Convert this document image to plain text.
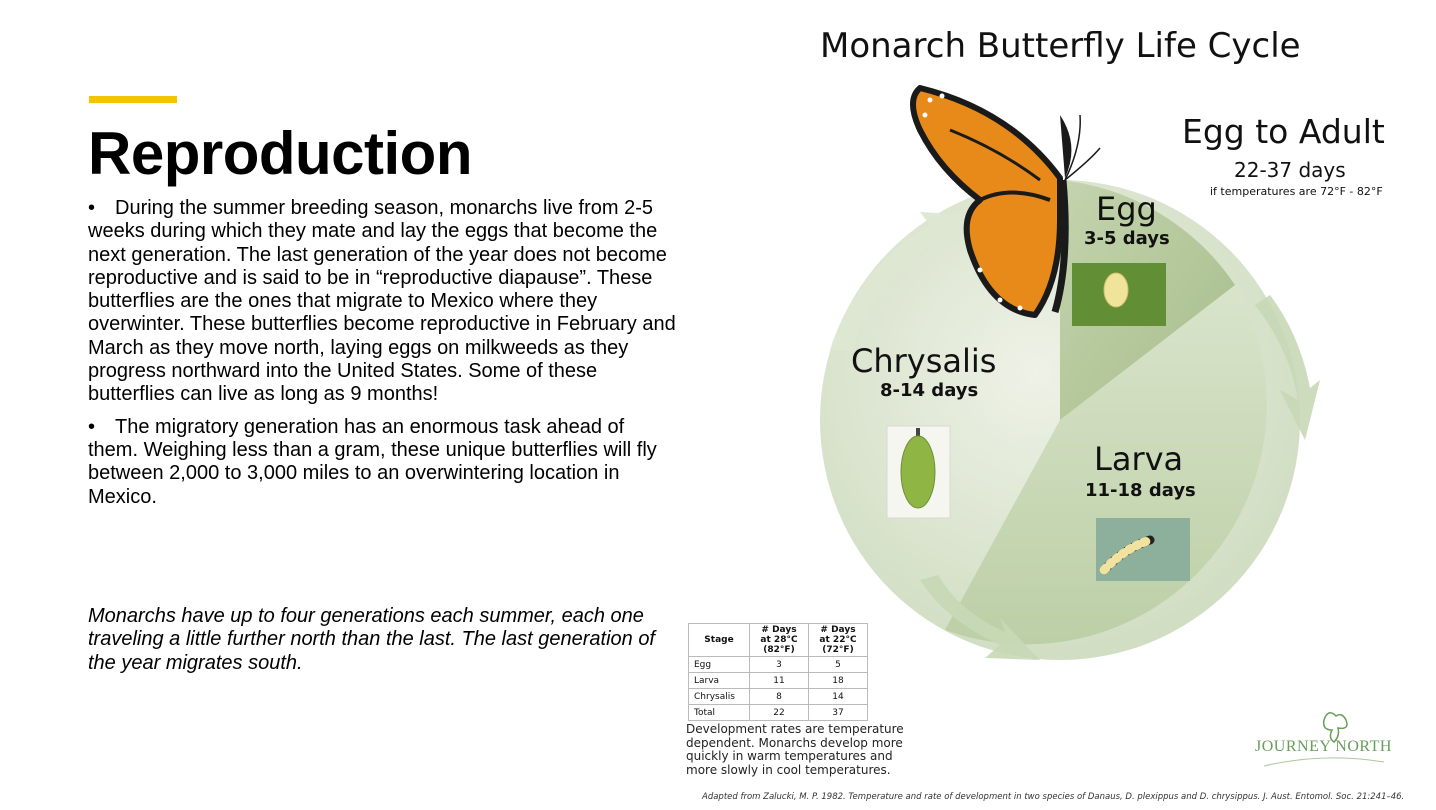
Reproduction

• During the summer breeding season, monarchs live from 2-5 weeks during which they mate and lay the eggs that become the next generation. The last generation of the year does not become reproductive and is said to be in “reproductive diapause”. These butterflies are the ones that migrate to Mexico where they overwinter. These butterflies become reproductive in February and March as they move north, laying eggs on milkweeds as they progress northward into the United States. Some of these butterflies can live as long as 9 months!

• The migratory generation has an enormous task ahead of them. Weighing less than a gram, these unique butterflies will fly between 2,000 to 3,000 miles to an overwintering location in Mexico.

Monarchs have up to four generations each summer, each one traveling a little further north than the last. The last generation of the year migrates south.
Monarch Butterfly Life Cycle
Egg to Adult
22-37 days
if temperatures are 72°F - 82°F
Egg
3-5 days
Larva
11-18 days
Chrysalis
8-14 days
Stage	# Days at 28°C (82°F)	# Days at 22°C (72°F)
Egg	3	5
Larva	11	18
Chrysalis	8	14
Total	22	37
Development rates are temperature dependent. Monarchs develop more quickly in warm temperatures and more slowly in cool temperatures.
Adapted from Zalucki, M. P. 1982. Temperature and rate of development in two species of Danaus, D. plexippus and D. chrysippus. J. Aust. Entomol. Soc. 21:241–46.
JOURNEY NORTH
